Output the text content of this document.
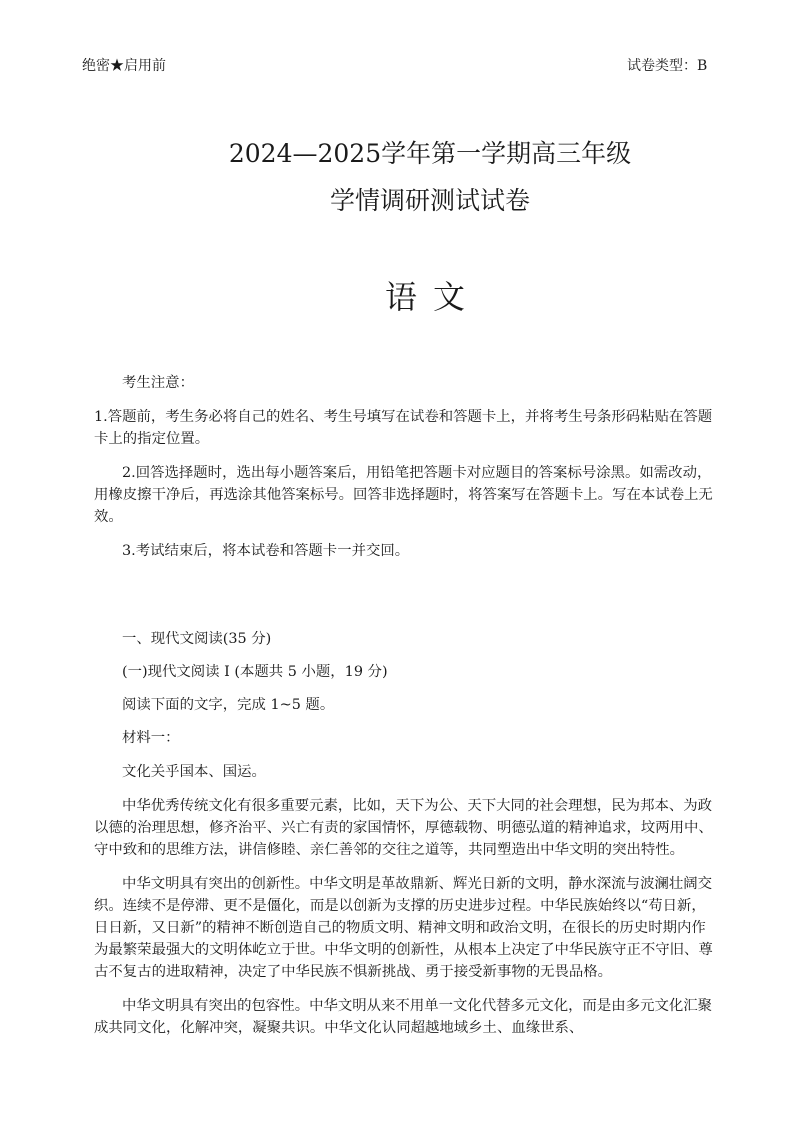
绝密★启用前	试卷类型：B
2024—2025学年第一学期高三年级
学情调研测试试卷
语文

考生注意：

1.答题前，考生务必将自己的姓名、考生号填写在试卷和答题卡上，并将考生号条形码粘贴在答题卡上的指定位置。

2.回答选择题时，选出每小题答案后，用铅笔把答题卡对应题目的答案标号涂黑。如需改动，用橡皮擦干净后，再选涂其他答案标号。回答非选择题时，将答案写在答题卡上。写在本试卷上无效。

3.考试结束后，将本试卷和答题卡一并交回。

一、现代文阅读(35 分)

(一)现代文阅读 I (本题共 5 小题，19 分)

阅读下面的文字，完成 1~5 题。

材料一：

文化关乎国本、国运。

中华优秀传统文化有很多重要元素，比如，天下为公、天下大同的社会理想，民为邦本、为政以德的治理思想，修齐治平、兴亡有责的家国情怀，厚德载物、明德弘道的精神追求，坟两用中、守中致和的思维方法，讲信修睦、亲仁善邻的交往之道等，共同塑造出中华文明的突出特性。

中华文明具有突出的创新性。中华文明是革故鼎新、辉光日新的文明，静水深流与波澜壮阔交织。连续不是停滞、更不是僵化，而是以创新为支撑的历史进步过程。中华民族始终以“苟日新，日日新，又日新”的精神不断创造自己的物质文明、精神文明和政治文明，在很长的历史时期内作为最繁荣最强大的文明体屹立于世。中华文明的创新性，从根本上决定了中华民族守正不守旧、尊古不复古的进取精神，决定了中华民族不惧新挑战、勇于接受新事物的无畏品格。

中华文明具有突出的包容性。中华文明从来不用单一文化代替多元文化，而是由多元文化汇聚成共同文化，化解冲突，凝聚共识。中华文化认同超越地域乡土、血缘世系、
